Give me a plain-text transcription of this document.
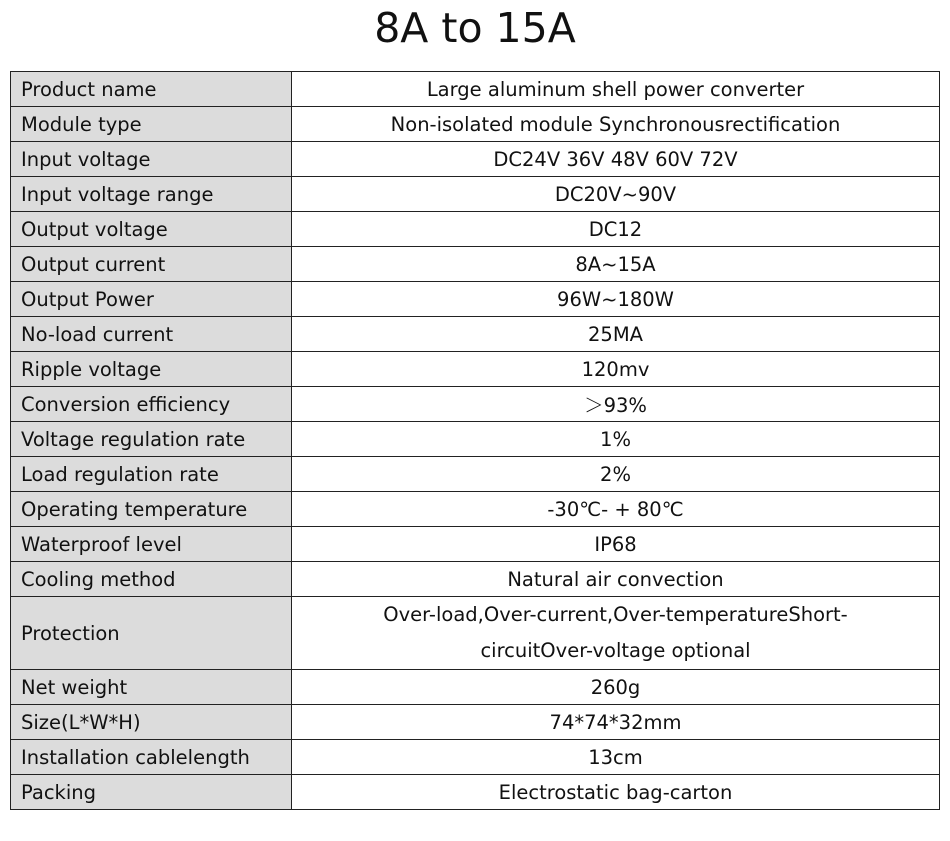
8A to 15A
Product name	Large aluminum shell power converter
Module type	Non-isolated module Synchronousrectification
Input voltage	DC24V 36V 48V 60V 72V
Input voltage range	DC20V~90V
Output voltage	DC12
Output current	8A~15A
Output Power	96W~180W
No-load current	25MA
Ripple voltage	120mv
Conversion efficiency	＞93%
Voltage regulation rate	1%
Load regulation rate	2%
Operating temperature	-30℃- + 80℃
Waterproof level	IP68
Cooling method	Natural air convection
Protection	Over-load,Over-current,Over-temperatureShort-
circuitOver-voltage optional

Net weight	260g
Size(L*W*H)	74*74*32mm
Installation cablelength	13cm
Packing	Electrostatic bag-carton
